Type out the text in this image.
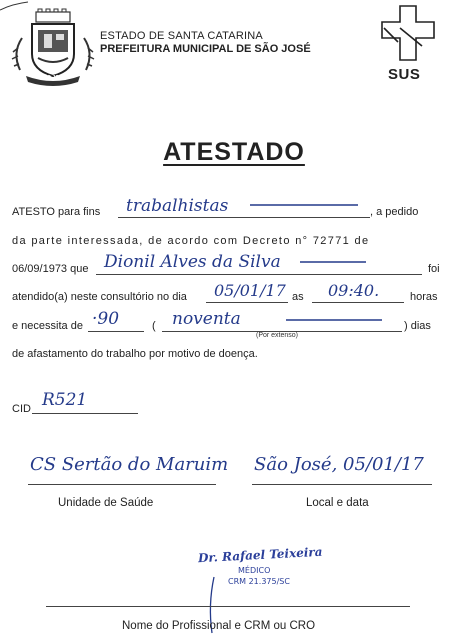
SÃO JOSÉ
ESTADO DE SANTA CATARINA
PREFEITURA MUNICIPAL DE SÃO JOSÉ
SUS
ATESTADO
ATESTO para fins trabalhistas	, a pedido
da parte interessada, de acordo com Decreto n° 72771 de
06/09/1973 que Dionil Alves da Silva	foi
atendido(a) neste consultório no dia 05/01/17 as 09:40.	horas
e necessita de ·90	( noventa	) dias
(Por extenso)
de afastamento do trabalho por motivo de doença.
CID R521
CS Sertão do Maruim
Unidade de Saúde
São José, 05/01/17
Local e data
Dr. Rafael Teixeira
MÉDICO
CRM 21.375/SC
Nome do Profissional e CRM ou CRO
